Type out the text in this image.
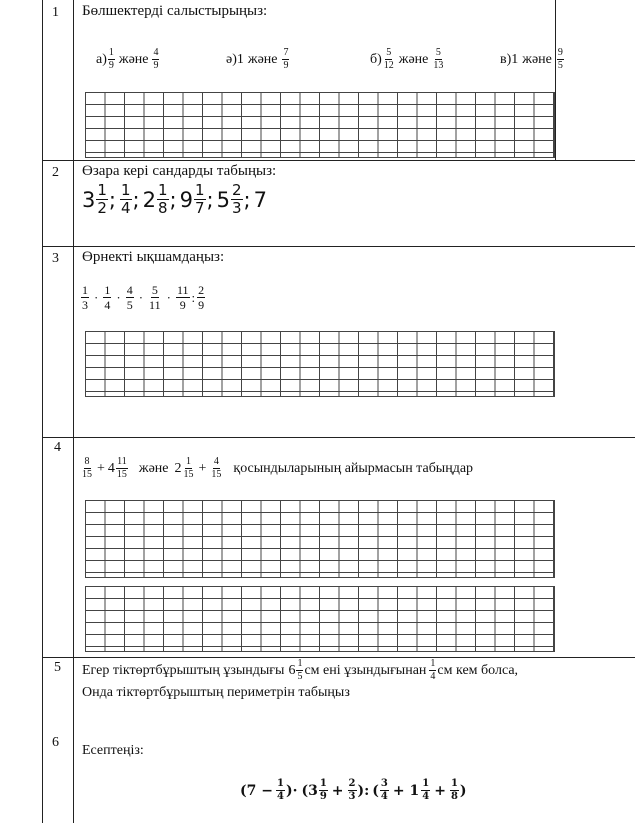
1 Бөлшектерді салыстырыңыз:
$а) \frac{1}{9}$ және $\frac{4}{9}$	ә)1 және $\frac{7}{9}$	$б) \frac{5}{12}$ және $\frac{5}{13}$	в)1 және $\frac{9}{5}$
2 Өзара кері сандарды табыңыз:
$3 \frac{1}{2}$ ; $\frac{1}{4}$ ; $2 \frac{1}{8}$ ; $9 \frac{1}{7}$ ; $5 \frac{2}{3}$ ; 7
3 Өрнекті ықшамдаңыз:
$\frac{1}{3} \cdot \frac{1}{4} \cdot \frac{4}{5} \cdot \frac{5}{11} \cdot \frac{11}{9}$ : $\frac{2}{9}$
4
$\frac{8}{15} + 4 \frac{11}{15}$ және $2 \frac{1}{15} + \frac{4}{15}$ қосындыларының айырмасын табыңдар
5 Егер тіктөртбұрыштың ұзындығы $6 \frac{1}{5}$ см ені ұзындығынан $\frac{1}{4}$ см кем болса,
Онда тіктөртбұрыштың периметрін табыңыз
6
Есептеңіз:
($7 - \frac{1}{4}$ )· ($3 \frac{1}{9} + \frac{2}{3}$ ): ( $\frac{3}{4} + 1 \frac{1}{4} + \frac{1}{8}$ )
